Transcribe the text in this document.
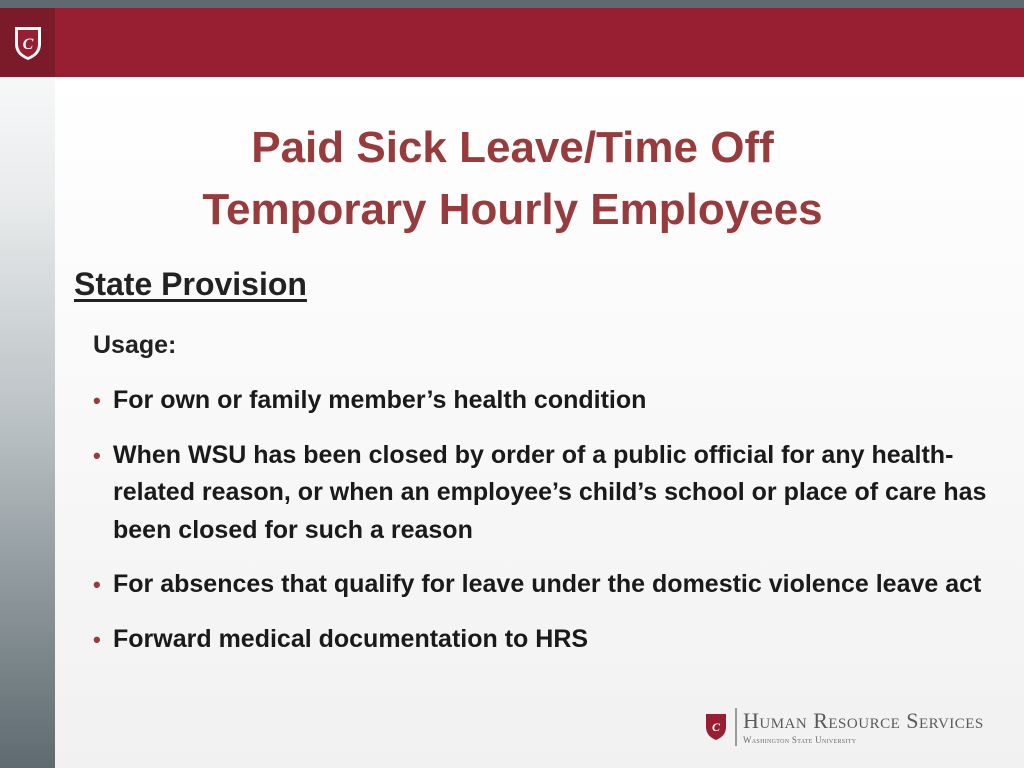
C
Paid Sick Leave/Time Off
Temporary Hourly Employees
State Provision
Usage:
• For own or family member’s health condition
• When WSU has been closed by order of a public official for any health-related reason, or when an employee’s child’s school or place of care has been closed for such a reason
• For absences that qualify for leave under the domestic violence leave act
• Forward medical documentation to HRS
C Human Resource Services
Washington State University
